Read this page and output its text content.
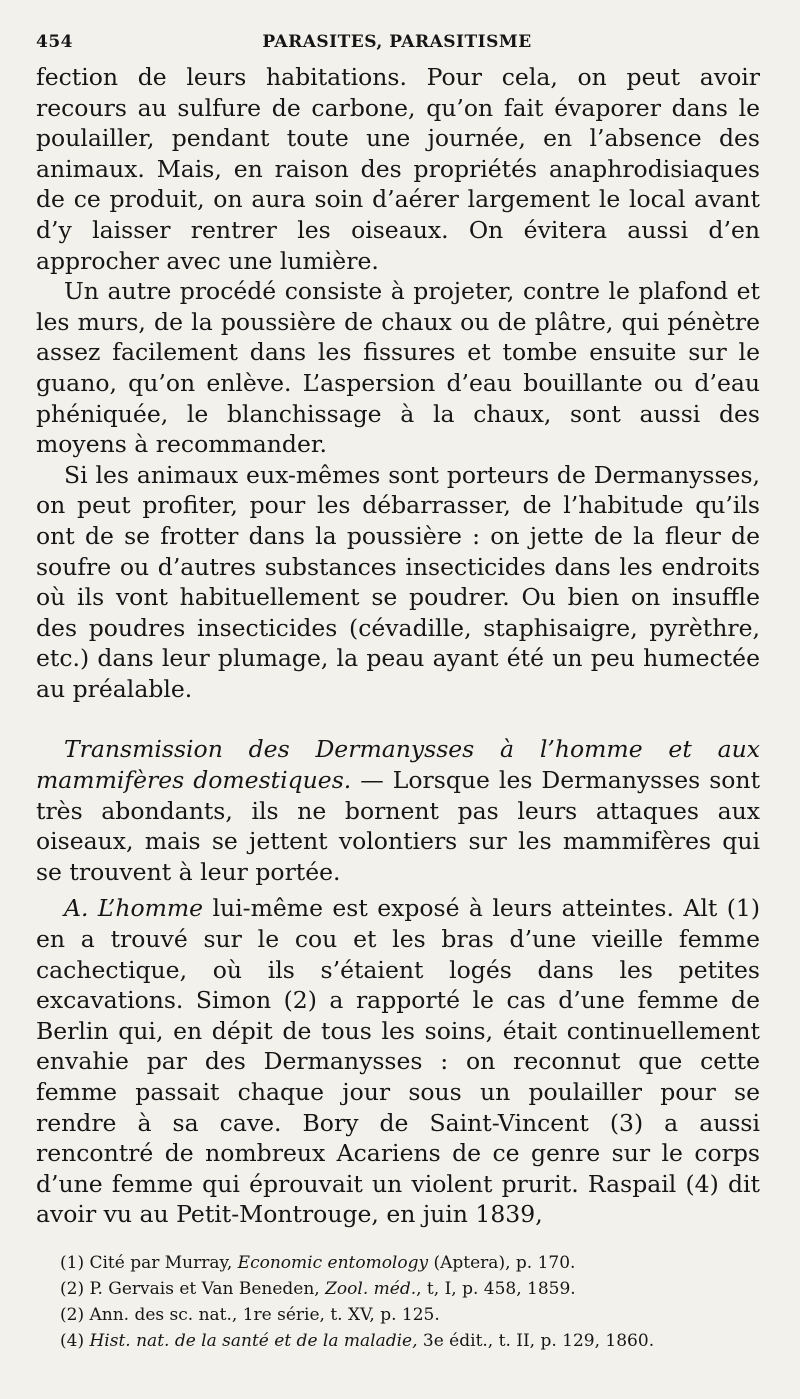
454	PARASITES, PARASITISME

fection de leurs habitations. Pour cela, on peut avoir recours au sulfure de carbone, qu’on fait évaporer dans le poulailler, pendant toute une journée, en l’absence des animaux. Mais, en raison des propriétés anaphrodisiaques de ce produit, on aura soin d’aérer largement le local avant d’y laisser rentrer les oiseaux. On évitera aussi d’en approcher avec une lumière.

Un autre procédé consiste à projeter, contre le plafond et les murs, de la poussière de chaux ou de plâtre, qui pénètre assez facilement dans les fissures et tombe ensuite sur le guano, qu’on enlève. L’aspersion d’eau bouillante ou d’eau phéniquée, le blanchissage à la chaux, sont aussi des moyens à recommander.

Si les animaux eux-mêmes sont porteurs de Dermanysses, on peut profiter, pour les débarrasser, de l’habitude qu’ils ont de se frotter dans la poussière : on jette de la fleur de soufre ou d’autres substances insecticides dans les endroits où ils vont habituellement se poudrer. Ou bien on insuffle des poudres insecticides (cévadille, staphisaigre, pyrèthre, etc.) dans leur plumage, la peau ayant été un peu humectée au préalable.

Transmission des Dermanysses à l’homme et aux mammifères domestiques. — Lorsque les Dermanysses sont très abondants, ils ne bornent pas leurs attaques aux oiseaux, mais se jettent volontiers sur les mammifères qui se trouvent à leur portée.

A. L’homme lui-même est exposé à leurs atteintes. Alt (1) en a trouvé sur le cou et les bras d’une vieille femme cachectique, où ils s’étaient logés dans les petites excavations. Simon (2) a rapporté le cas d’une femme de Berlin qui, en dépit de tous les soins, était continuellement envahie par des Dermanysses : on reconnut que cette femme passait chaque jour sous un poulailler pour se rendre à sa cave. Bory de Saint-Vincent (3) a aussi rencontré de nombreux Acariens de ce genre sur le corps d’une femme qui éprouvait un violent prurit. Raspail (4) dit avoir vu au Petit-Montrouge, en juin 1839,

(1) Cité par Murray, Economic entomology (Aptera), p. 170.
(2) P. Gervais et Van Beneden, Zool. méd., t, I, p. 458, 1859.
(2) Ann. des sc. nat., 1re série, t. XV, p. 125.
(4) Hist. nat. de la santé et de la maladie, 3e édit., t. II, p. 129, 1860.
